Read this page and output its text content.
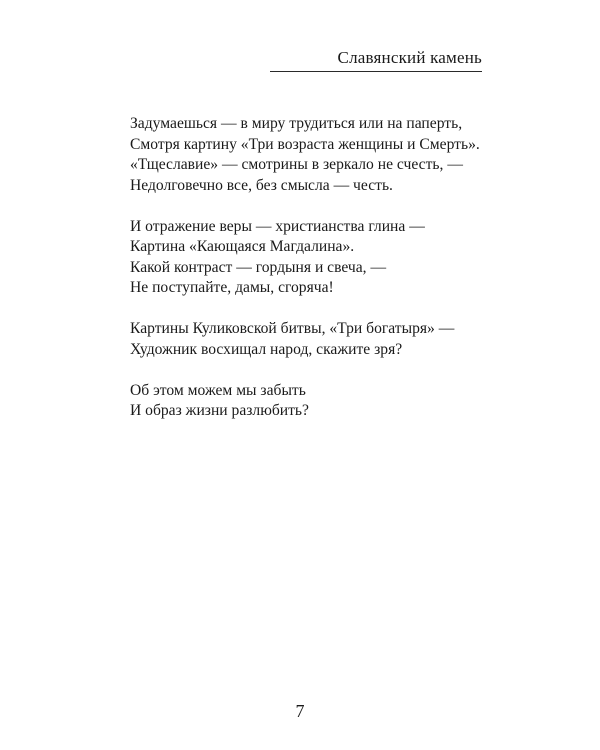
Славянский камень
Задумаешься — в миру трудиться или на паперть,
Смотря картину «Три возраста женщины и Смерть».
«Тщеславие» — смотрины в зеркало не счесть, —
Недолговечно все, без смысла — честь.
И отражение веры — христианства глина —
Картина «Кающаяся Магдалина».
Какой контраст — гордыня и свеча, —
Не поступайте, дамы, сгоряча!
Картины Куликовской битвы, «Три богатыря» —
Художник восхищал народ, скажите зря?
Об этом можем мы забыть
И образ жизни разлюбить?
7
